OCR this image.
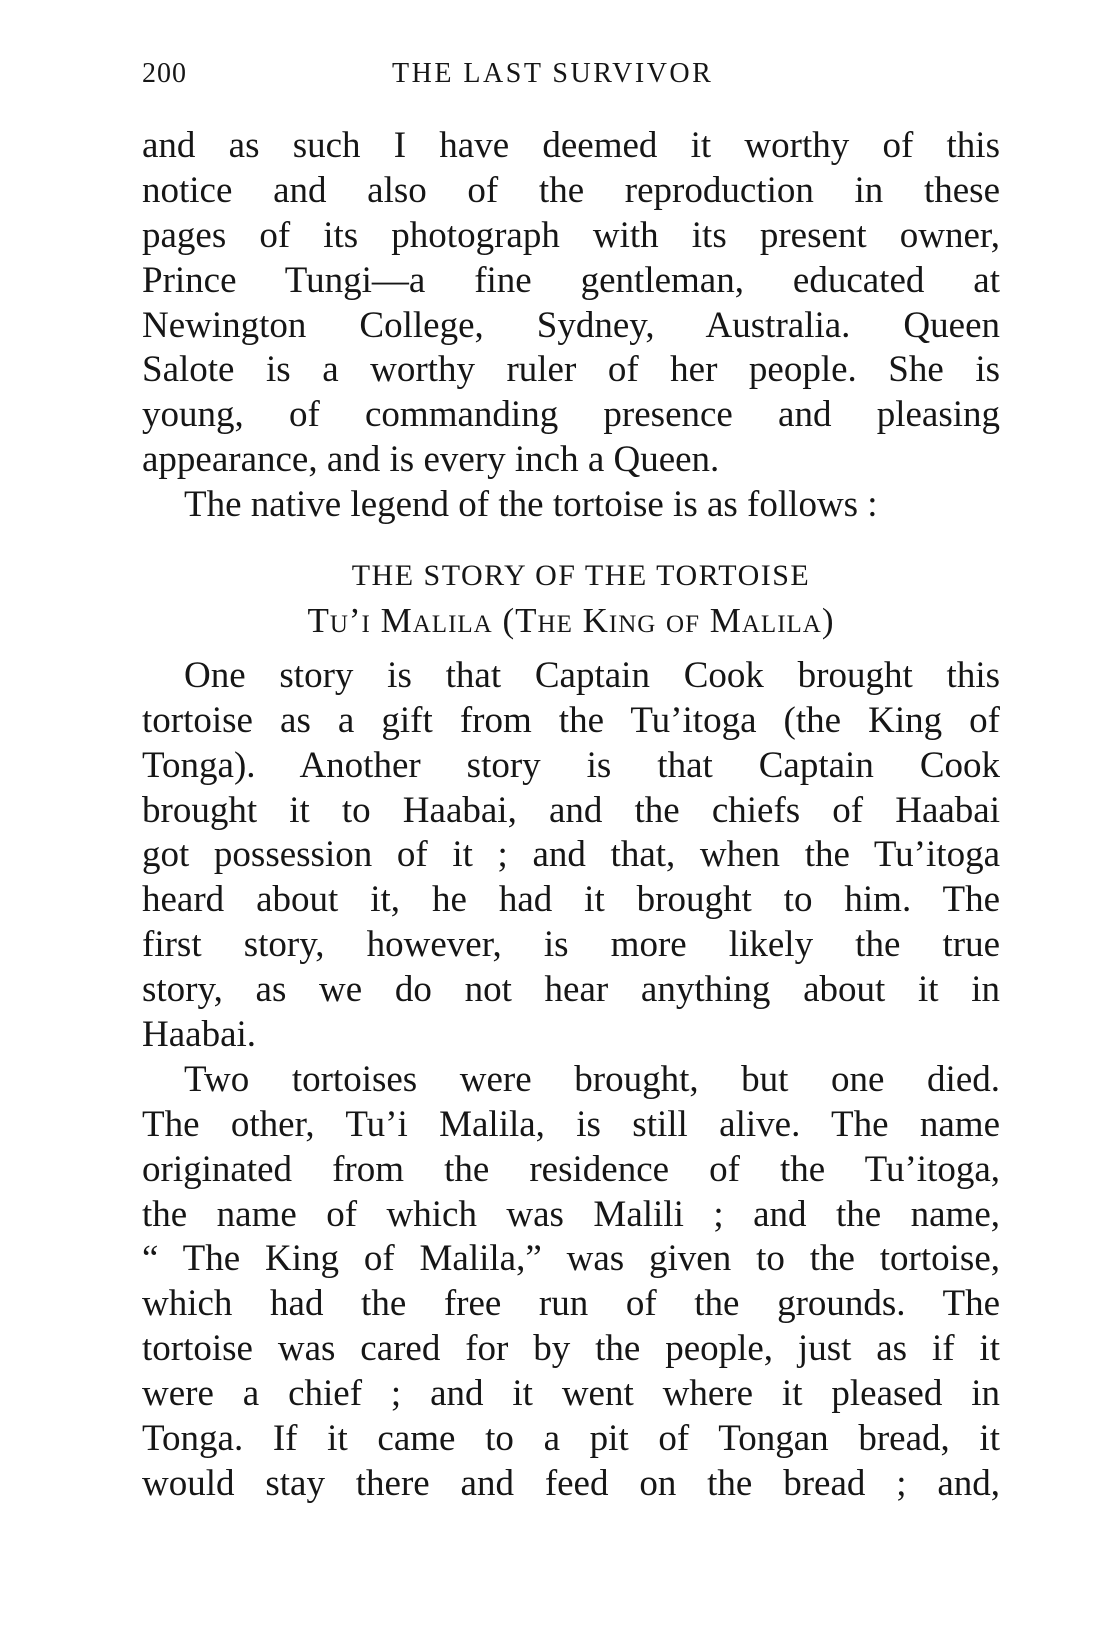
200	THE LAST SURVIVOR
and as such I have deemed it worthy of this
notice and also of the reproduction in these
pages of its photograph with its present owner,
Prince Tungi—a fine gentleman, educated at
Newington College, Sydney, Australia. Queen
Salote is a worthy ruler of her people. She is
young, of commanding presence and pleasing
appearance, and is every inch a Queen.
The native legend of the tortoise is as follows :
THE STORY OF THE TORTOISE
Tu’i Malila (The King of Malila)
One story is that Captain Cook brought this
tortoise as a gift from the Tu’itoga (the King of
Tonga). Another story is that Captain Cook
brought it to Haabai, and the chiefs of Haabai
got possession of it ; and that, when the Tu’itoga
heard about it, he had it brought to him. The
first story, however, is more likely the true
story, as we do not hear anything about it in
Haabai.
Two tortoises were brought, but one died.
The other, Tu’i Malila, is still alive. The name
originated from the residence of the Tu’itoga,
the name of which was Malili ; and the name,
“ The King of Malila,” was given to the tortoise,
which had the free run of the grounds. The
tortoise was cared for by the people, just as if it
were a chief ; and it went where it pleased in
Tonga. If it came to a pit of Tongan bread, it
would stay there and feed on the bread ; and,
